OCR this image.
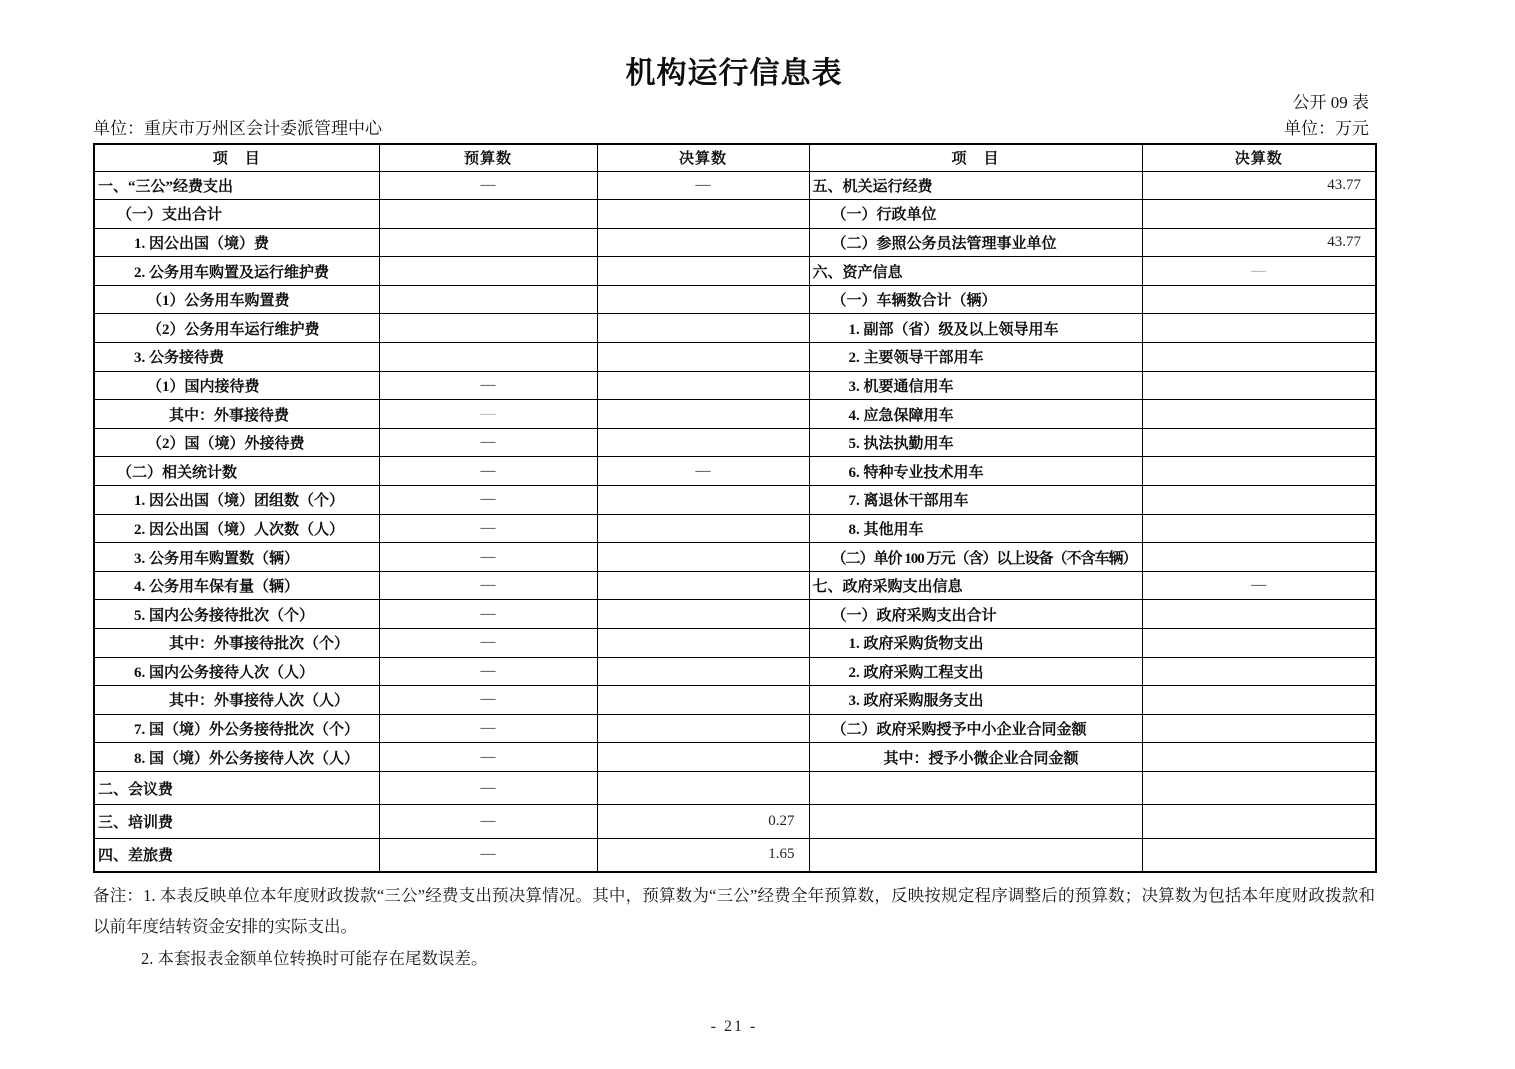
机构运行信息表
公开 09 表
单位：重庆市万州区会计委派管理中心	单位：万元
项　目	预算数	决算数	项　目	决算数
一、“三公”经费支出	—	—	五、机关运行经费	43.77
（一）支出合计			（一）行政单位	
1. 因公出国（境）费			（二）参照公务员法管理事业单位	43.77
2. 公务用车购置及运行维护费			六、资产信息	—
（1）公务用车购置费			（一）车辆数合计（辆）	
（2）公务用车运行维护费			1. 副部（省）级及以上领导用车	
3. 公务接待费			2. 主要领导干部用车	
（1）国内接待费	—		3. 机要通信用车	
其中：外事接待费	—		4. 应急保障用车	
（2）国（境）外接待费	—		5. 执法执勤用车	
（二）相关统计数	—	—	6. 特种专业技术用车	
1. 因公出国（境）团组数（个）	—		7. 离退休干部用车	
2. 因公出国（境）人次数（人）	—		8. 其他用车	
3. 公务用车购置数（辆）	—		（二）单价 100 万元（含）以上设备（不含车辆）	
4. 公务用车保有量（辆）	—		七、政府采购支出信息	—
5. 国内公务接待批次（个）	—		（一）政府采购支出合计	
其中：外事接待批次（个）	—		1. 政府采购货物支出	
6. 国内公务接待人次（人）	—		2. 政府采购工程支出	
其中：外事接待人次（人）	—		3. 政府采购服务支出	
7. 国（境）外公务接待批次（个）	—		（二）政府采购授予中小企业合同金额	
8. 国（境）外公务接待人次（人）	—		其中：授予小微企业合同金额	
二、会议费	—			
三、培训费	—	0.27		
四、差旅费	—	1.65		
备注：1. 本表反映单位本年度财政拨款“三公”经费支出预决算情况。其中，预算数为“三公”经费全年预算数，反映按规定程序调整后的预算数；决算数为包括本年度财政拨款和以前年度结转资金安排的实际支出。
2. 本套报表金额单位转换时可能存在尾数误差。
- 21 -
